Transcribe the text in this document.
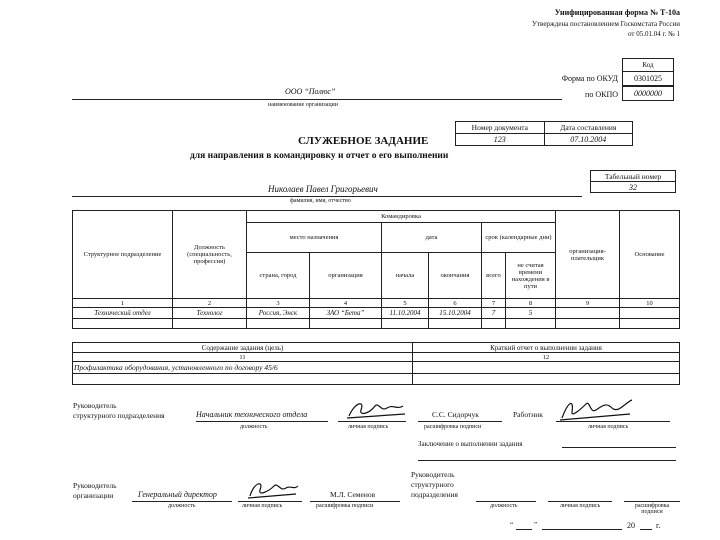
Унифицированная форма № Т-10а
Утверждена постановлением Госкомстата России
от 05.01.04 г. № 1
Код
Форма по ОКУД	0301025
по ОКПО	0000000
ООО “Полюс”
наименование организации
Номер документа	Дата составления
123	07.10.2004
СЛУЖЕБНОЕ ЗАДАНИЕ
для направления в командировку и отчет о его выполнении
Табельный номер
32
Николаев Павел Григорьевич
фамилия, имя, отчество
Структурное подразделение	Должность (специальность, профессия)	Командировка						организация-плательщик	Основание
		место назначения		дата		срок (календарные дни)			
		страна, город	организация	начала	окончания	всего	не считая времени нахождения в пути		
1	2	3	4	5	6	7	8	9	10
Технический отдел	Технолог	Россия, Энск	ЗАО “Бета”	11.10.2004	15.10.2004	7	5		

Содержание задания (цель)	Краткий отчет о выполнении задания
11	12
Профилактика оборудования, установленного по договору 45/6	

Руководитель
структурного подразделения	Начальник технического отдела
должность	личная подпись
С.С. Сидорчук
расшифровка подписи
Работник
личная подпись
Заключение о выполнении задания
Руководитель
организации	Генеральный директор
должность	личная подпись
М.Л. Семенов
расшифровка подписи
Руководитель
структурного
подразделения
должность	личная подпись	расшифровка подписи
“	”	20	г.
